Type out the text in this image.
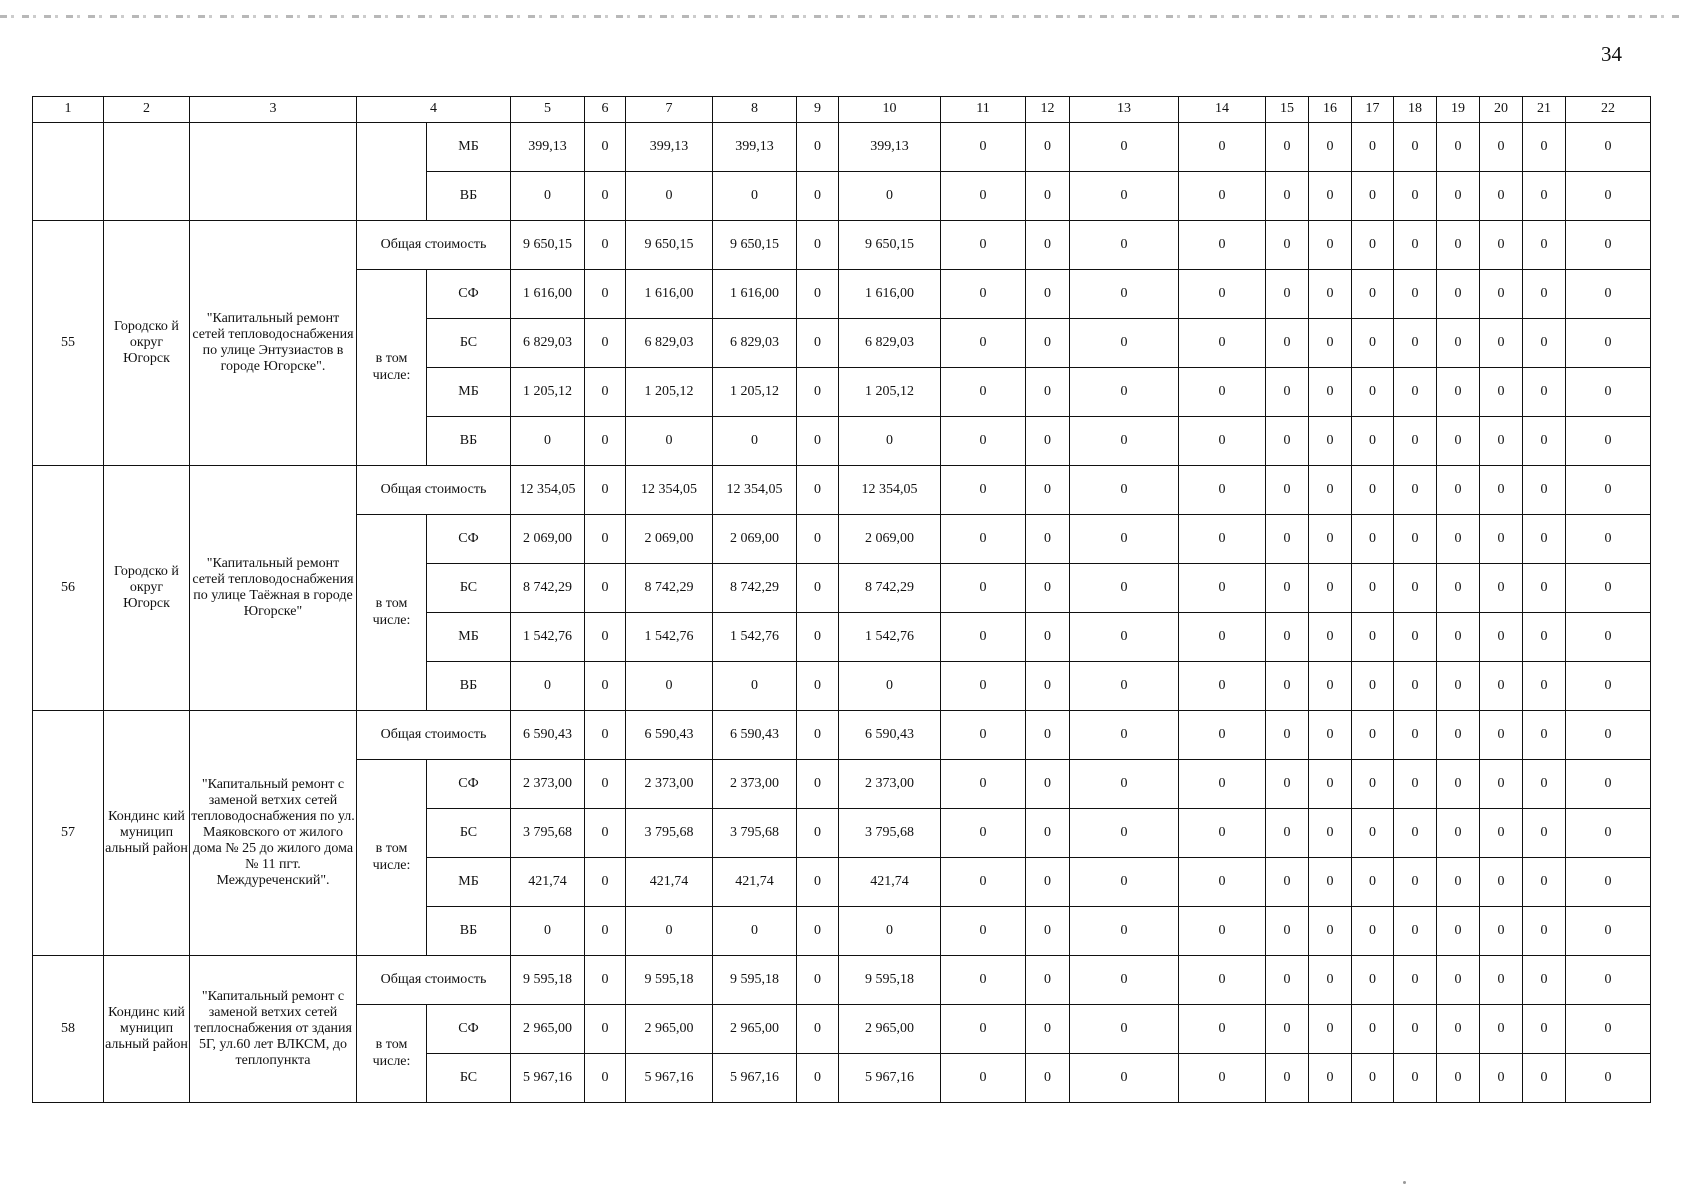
34
1	2	3	4		5	6	7	8	9	10	11	12	13	14	15	16	17	18	19	20	21	22
				МБ	399,13	0	399,13	399,13	0	399,13	0	0	0	0	0	0	0	0	0	0	0	0
				ВБ	0	0	0	0	0	0	0	0	0	0	0	0	0	0	0	0	0	0
55	Городско й округ Югорск	"Капитальный ремонт сетей тепловодоснабжения по улице Энтузиастов в городе Югорске".	Общая стоимость		9 650,15	0	9 650,15	9 650,15	0	9 650,15	0	0	0	0	0	0	0	0	0	0	0	0
			в том числе:	СФ	1 616,00	0	1 616,00	1 616,00	0	1 616,00	0	0	0	0	0	0	0	0	0	0	0	0
				БС	6 829,03	0	6 829,03	6 829,03	0	6 829,03	0	0	0	0	0	0	0	0	0	0	0	0
				МБ	1 205,12	0	1 205,12	1 205,12	0	1 205,12	0	0	0	0	0	0	0	0	0	0	0	0
				ВБ	0	0	0	0	0	0	0	0	0	0	0	0	0	0	0	0	0	0
56	Городско й округ Югорск	"Капитальный ремонт сетей тепловодоснабжения по улице Таёжная в городе Югорске"	Общая стоимость		12 354,05	0	12 354,05	12 354,05	0	12 354,05	0	0	0	0	0	0	0	0	0	0	0	0
			в том числе:	СФ	2 069,00	0	2 069,00	2 069,00	0	2 069,00	0	0	0	0	0	0	0	0	0	0	0	0
				БС	8 742,29	0	8 742,29	8 742,29	0	8 742,29	0	0	0	0	0	0	0	0	0	0	0	0
				МБ	1 542,76	0	1 542,76	1 542,76	0	1 542,76	0	0	0	0	0	0	0	0	0	0	0	0
				ВБ	0	0	0	0	0	0	0	0	0	0	0	0	0	0	0	0	0	0
57	Кондинс кий муницип альный район	"Капитальный ремонт с заменой ветхих сетей тепловодоснабжения по ул. Маяковского от жилого дома № 25 до жилого дома № 11 пгт. Междуреченский".	Общая стоимость		6 590,43	0	6 590,43	6 590,43	0	6 590,43	0	0	0	0	0	0	0	0	0	0	0	0
			в том числе:	СФ	2 373,00	0	2 373,00	2 373,00	0	2 373,00	0	0	0	0	0	0	0	0	0	0	0	0
				БС	3 795,68	0	3 795,68	3 795,68	0	3 795,68	0	0	0	0	0	0	0	0	0	0	0	0
				МБ	421,74	0	421,74	421,74	0	421,74	0	0	0	0	0	0	0	0	0	0	0	0
				ВБ	0	0	0	0	0	0	0	0	0	0	0	0	0	0	0	0	0	0
58	Кондинс кий муницип альный район	"Капитальный ремонт с заменой ветхих сетей теплоснабжения от здания 5Г, ул.60 лет ВЛКСМ, до теплопункта	Общая стоимость		9 595,18	0	9 595,18	9 595,18	0	9 595,18	0	0	0	0	0	0	0	0	0	0	0	0
			в том числе:	СФ	2 965,00	0	2 965,00	2 965,00	0	2 965,00	0	0	0	0	0	0	0	0	0	0	0	0
				БС	5 967,16	0	5 967,16	5 967,16	0	5 967,16	0	0	0	0	0	0	0	0	0	0	0	0
